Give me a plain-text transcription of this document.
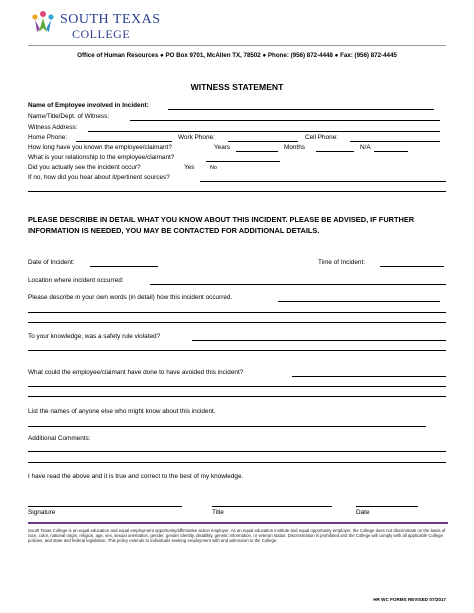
SOUTH TEXAS
COLLEGE
Office of Human Resources ● PO Box 9701, McAllen TX, 78502 ● Phone: (956) 872-4448 ● Fax: (956) 872-4445
WITNESS STATEMENT
Name of Employee involved in Incident:
Name/Title/Dept. of Witness:
Witness Address:
Home Phone:	Work Phone:	Cell Phone:
How long have you known the employee/claimant?	Years	Months	N/A
What is your relationship to the employee/claimant?
Did you actually see the incident occur?	Yes	No
If no, how did you hear about it/pertinent sources?
PLEASE DESCRIBE IN DETAIL WHAT YOU KNOW ABOUT THIS INCIDENT. PLEASE BE ADVISED, IF FURTHER INFORMATION IS NEEDED, YOU MAY BE CONTACTED FOR ADDITIONAL DETAILS.
Date of Incident:	Time of Incident:
Location where incident occurred:
Please describe in your own words (in detail) how this incident occurred.
To your knowledge, was a safety rule violated?
What could the employee/claimant have done to have avoided this incident?
List the names of anyone else who might know about this incident.
Additional Comments:
I have read the above and it is true and correct to the best of my knowledge.
Signature	Title	Date
South Texas College is an equal education and equal employment opportunity/affirmative action employer. As an equal education institute and equal opportunity employer, the College does not discriminate on the basis of race, color, national origin, religion, age, sex, sexual orientation, gender, gender identity, disability, genetic information, or veteran status. Discrimination is prohibited and the College will comply with all applicable College policies, and state and federal legislation. This policy extends to individuals seeking employment with and admission to the College.
HR WC FORMS REVISED 07/2017
